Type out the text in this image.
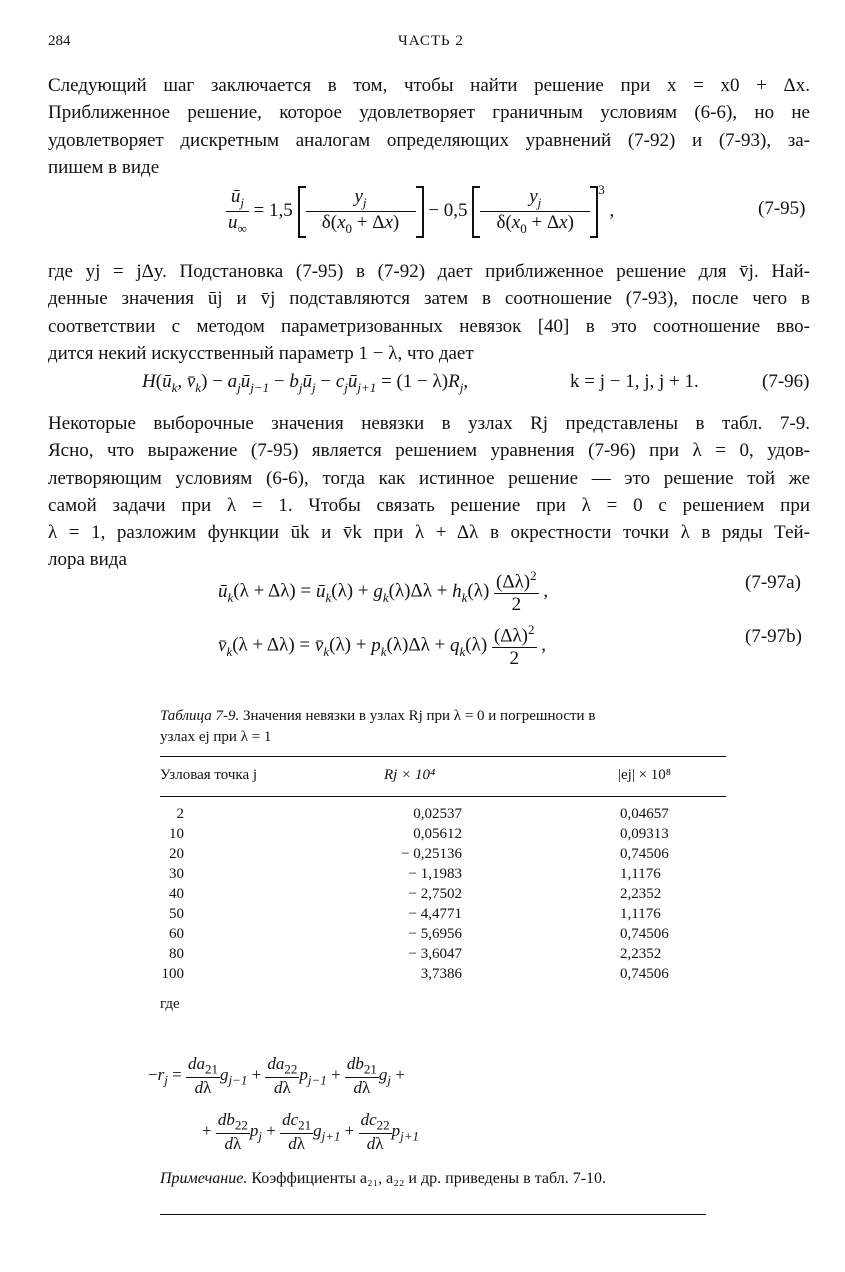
284	ЧАСТЬ 2
Следующий шаг заключается в том, чтобы найти решение при x = x0 + Δx.
Приближенное решение, которое удовлетворяет граничным условиям (6-6), но не
удовлетворяет дискретным аналогам определяющих уравнений (7-92) и (7-93), за-
пишем в виде
$\frac{ū_j}{u_\infty} = 1,5 \frac{y_j}{\delta(x_0 + \Delta x)} - 0,5 \frac{y_j}{\delta(x_0 + \Delta x)} ^3$ ,	(7-95)
где yj = jΔy. Подстановка (7-95) в (7-92) дает приближенное решение для v̄j. Най-
денные значения ūj и v̄j подставляются затем в соотношение (7-93), после чего в
соответствии с методом параметризованных невязок [40] в это соотношение вво-
дится некий искусственный параметр 1 − λ, что дает
$H(ū_k$, $v̄_k$) − $a_jū_{j-1}$ − $b_jū_j$ − $c_jū_{j+1} = (1 - \lambda)R_j$,	k = j − 1, j, j + 1.	(7-96)
Некоторые выборочные значения невязки в узлах Rj представлены в табл. 7-9.
Ясно, что выражение (7-95) является решением уравнения (7-96) при λ = 0, удов-
летворяющим условиям (6-6), тогда как истинное решение — это решение той же
самой задачи при λ = 1. Чтобы связать решение при λ = 0 с решением при
λ = 1, разложим функции ūk и v̄k при λ + Δλ в окрестности точки λ в ряды Тей-
лора вида
$ū_k(\lambda + \Delta\lambda)$ = $ū_k(\lambda) + g_k(\lambda)\Delta\lambda + h_k(\lambda) \frac{(\Delta\lambda)^2}{2}$ ,	(7-97a)
$v̄_k(\lambda + \Delta\lambda)$ = $v̄_k(\lambda) + p_k(\lambda)\Delta\lambda + q_k(\lambda) \frac{(\Delta\lambda)^2}{2}$ ,	(7-97b)
Таблица 7-9. Значения невязки в узлах Rj при λ = 0 и погрешности в
узлах ej при λ = 1
Узловая точка j	Rj × 10⁴	|ej| × 10⁸
2	0,02537	0,04657
10	0,05612	0,09313
20	− 0,25136	0,74506
30	− 1,1983	1,1176
40	− 2,7502	2,2352
50	− 4,4771	1,1176
60	− 5,6956	0,74506
80	− 3,6047	2,2352
100	3,7386	0,74506
где
$-r_j = \frac{da_{21}}{d\lambda} g_{j-1} + \frac{da_{22}}{d\lambda} p_{j-1} + \frac{db_{21}}{d\lambda} g_j$ +
+ $\frac{db_{22}}{d\lambda} p_j + \frac{dc_{21}}{d\lambda} g_{j+1} + \frac{dc_{22}}{d\lambda} p_{j+1}$
Примечание. Коэффициенты a₂₁, a₂₂ и др. приведены в табл. 7-10.
